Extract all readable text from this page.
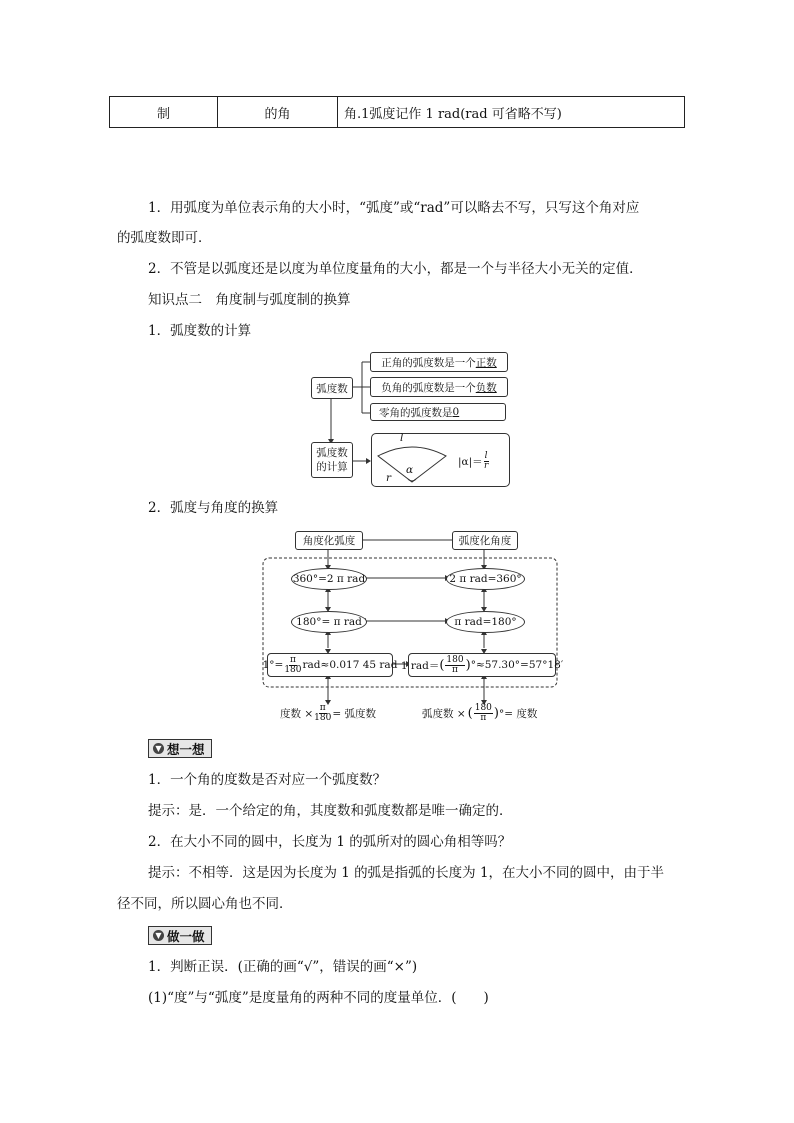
制	的角	角.1弧度记作 1 rad(rad 可省略不写)
1．用弧度为单位表示角的大小时，“弧度”或“rad”可以略去不写，只写这个角对应
的弧度数即可．
2．不管是以弧度还是以度为单位度量角的大小，都是一个与半径大小无关的定值．
知识点二　角度制与弧度制的换算
1．弧度数的计算
弧度数
正角的弧度数是一个 正数
负角的弧度数是一个 负数
零角的弧度数是 0
弧度数
的计算
l
α
r
$|\alpha|= \frac{l}{r}$
2．弧度与角度的换算
角度化弧度	弧度化角度
360°=2 π rad	2 π rad=360°
180°= π rad	π rad=180°
$1^\circ= \frac{\pi}{180} rad\approx 0.017$ 45 rad 1 rad＝ ( $\frac{180}{\pi}$ ) °≈57.30°=57°18′
度数 × $\frac{\pi}{180}$ = 弧度数	弧度数 × ( $\frac{180}{\pi}$ ) °= 度数
▼ 想一想
1．一个角的度数是否对应一个弧度数？
提示：是．一个给定的角，其度数和弧度数都是唯一确定的．
2．在大小不同的圆中，长度为 1 的弧所对的圆心角相等吗？
提示：不相等．这是因为长度为 1 的弧是指弧的长度为 1，在大小不同的圆中，由于半
径不同，所以圆心角也不同．
▼ 做一做
1．判断正误．(正确的画“√”，错误的画“×”)
(1)“度”与“弧度”是度量角的两种不同的度量单位．(　　)
